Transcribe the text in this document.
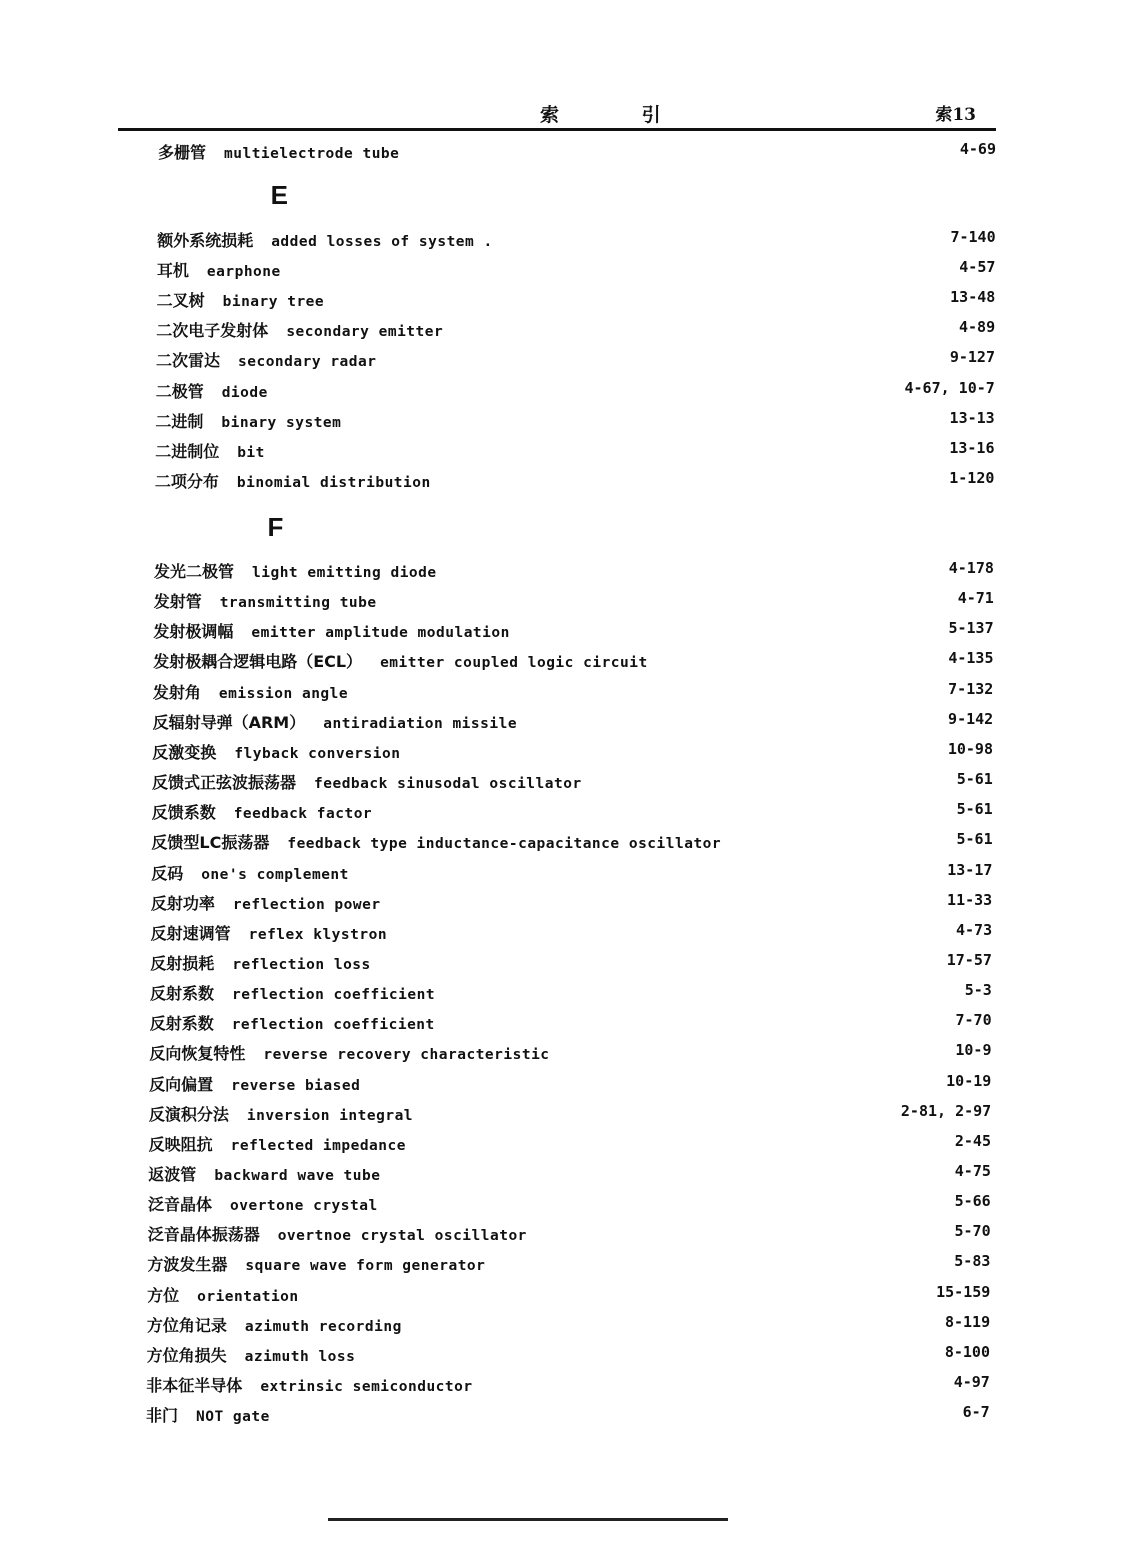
索 引	索13
多栅管 multielectrode tube	4-69
E
额外系统损耗 added losses of system .	7-140
耳机 earphone	4-57
二叉树 binary tree	13-48
二次电子发射体 secondary emitter	4-89
二次雷达 secondary radar	9-127
二极管 diode	4-67, 10-7
二进制 binary system	13-13
二进制位 bit	13-16
二项分布 binomial distribution	1-120
F
发光二极管 light emitting diode	4-178
发射管 transmitting tube	4-71
发射极调幅 emitter amplitude modulation	5-137
发射极耦合逻辑电路（ECL） emitter coupled logic circuit	4-135
发射角 emission angle	7-132
反辐射导弹（ARM） antiradiation missile	9-142
反激变换 flyback conversion	10-98
反馈式正弦波振荡器 feedback sinusodal oscillator	5-61
反馈系数 feedback factor	5-61
反馈型LC振荡器 feedback type inductance-capacitance oscillator	5-61
反码 one's complement	13-17
反射功率 reflection power	11-33
反射速调管 reflex klystron	4-73
反射损耗 reflection loss	17-57
反射系数 reflection coefficient	5-3
反射系数 reflection coefficient	7-70
反向恢复特性 reverse recovery characteristic	10-9
反向偏置 reverse biased	10-19
反演积分法 inversion integral	2-81, 2-97
反映阻抗 reflected impedance	2-45
返波管 backward wave tube	4-75
泛音晶体 overtone crystal	5-66
泛音晶体振荡器 overtnoe crystal oscillator	5-70
方波发生器 square wave form generator	5-83
方位 orientation	15-159
方位角记录 azimuth recording	8-119
方位角损失 azimuth loss	8-100
非本征半导体 extrinsic semiconductor	4-97
非门 NOT gate	6-7
